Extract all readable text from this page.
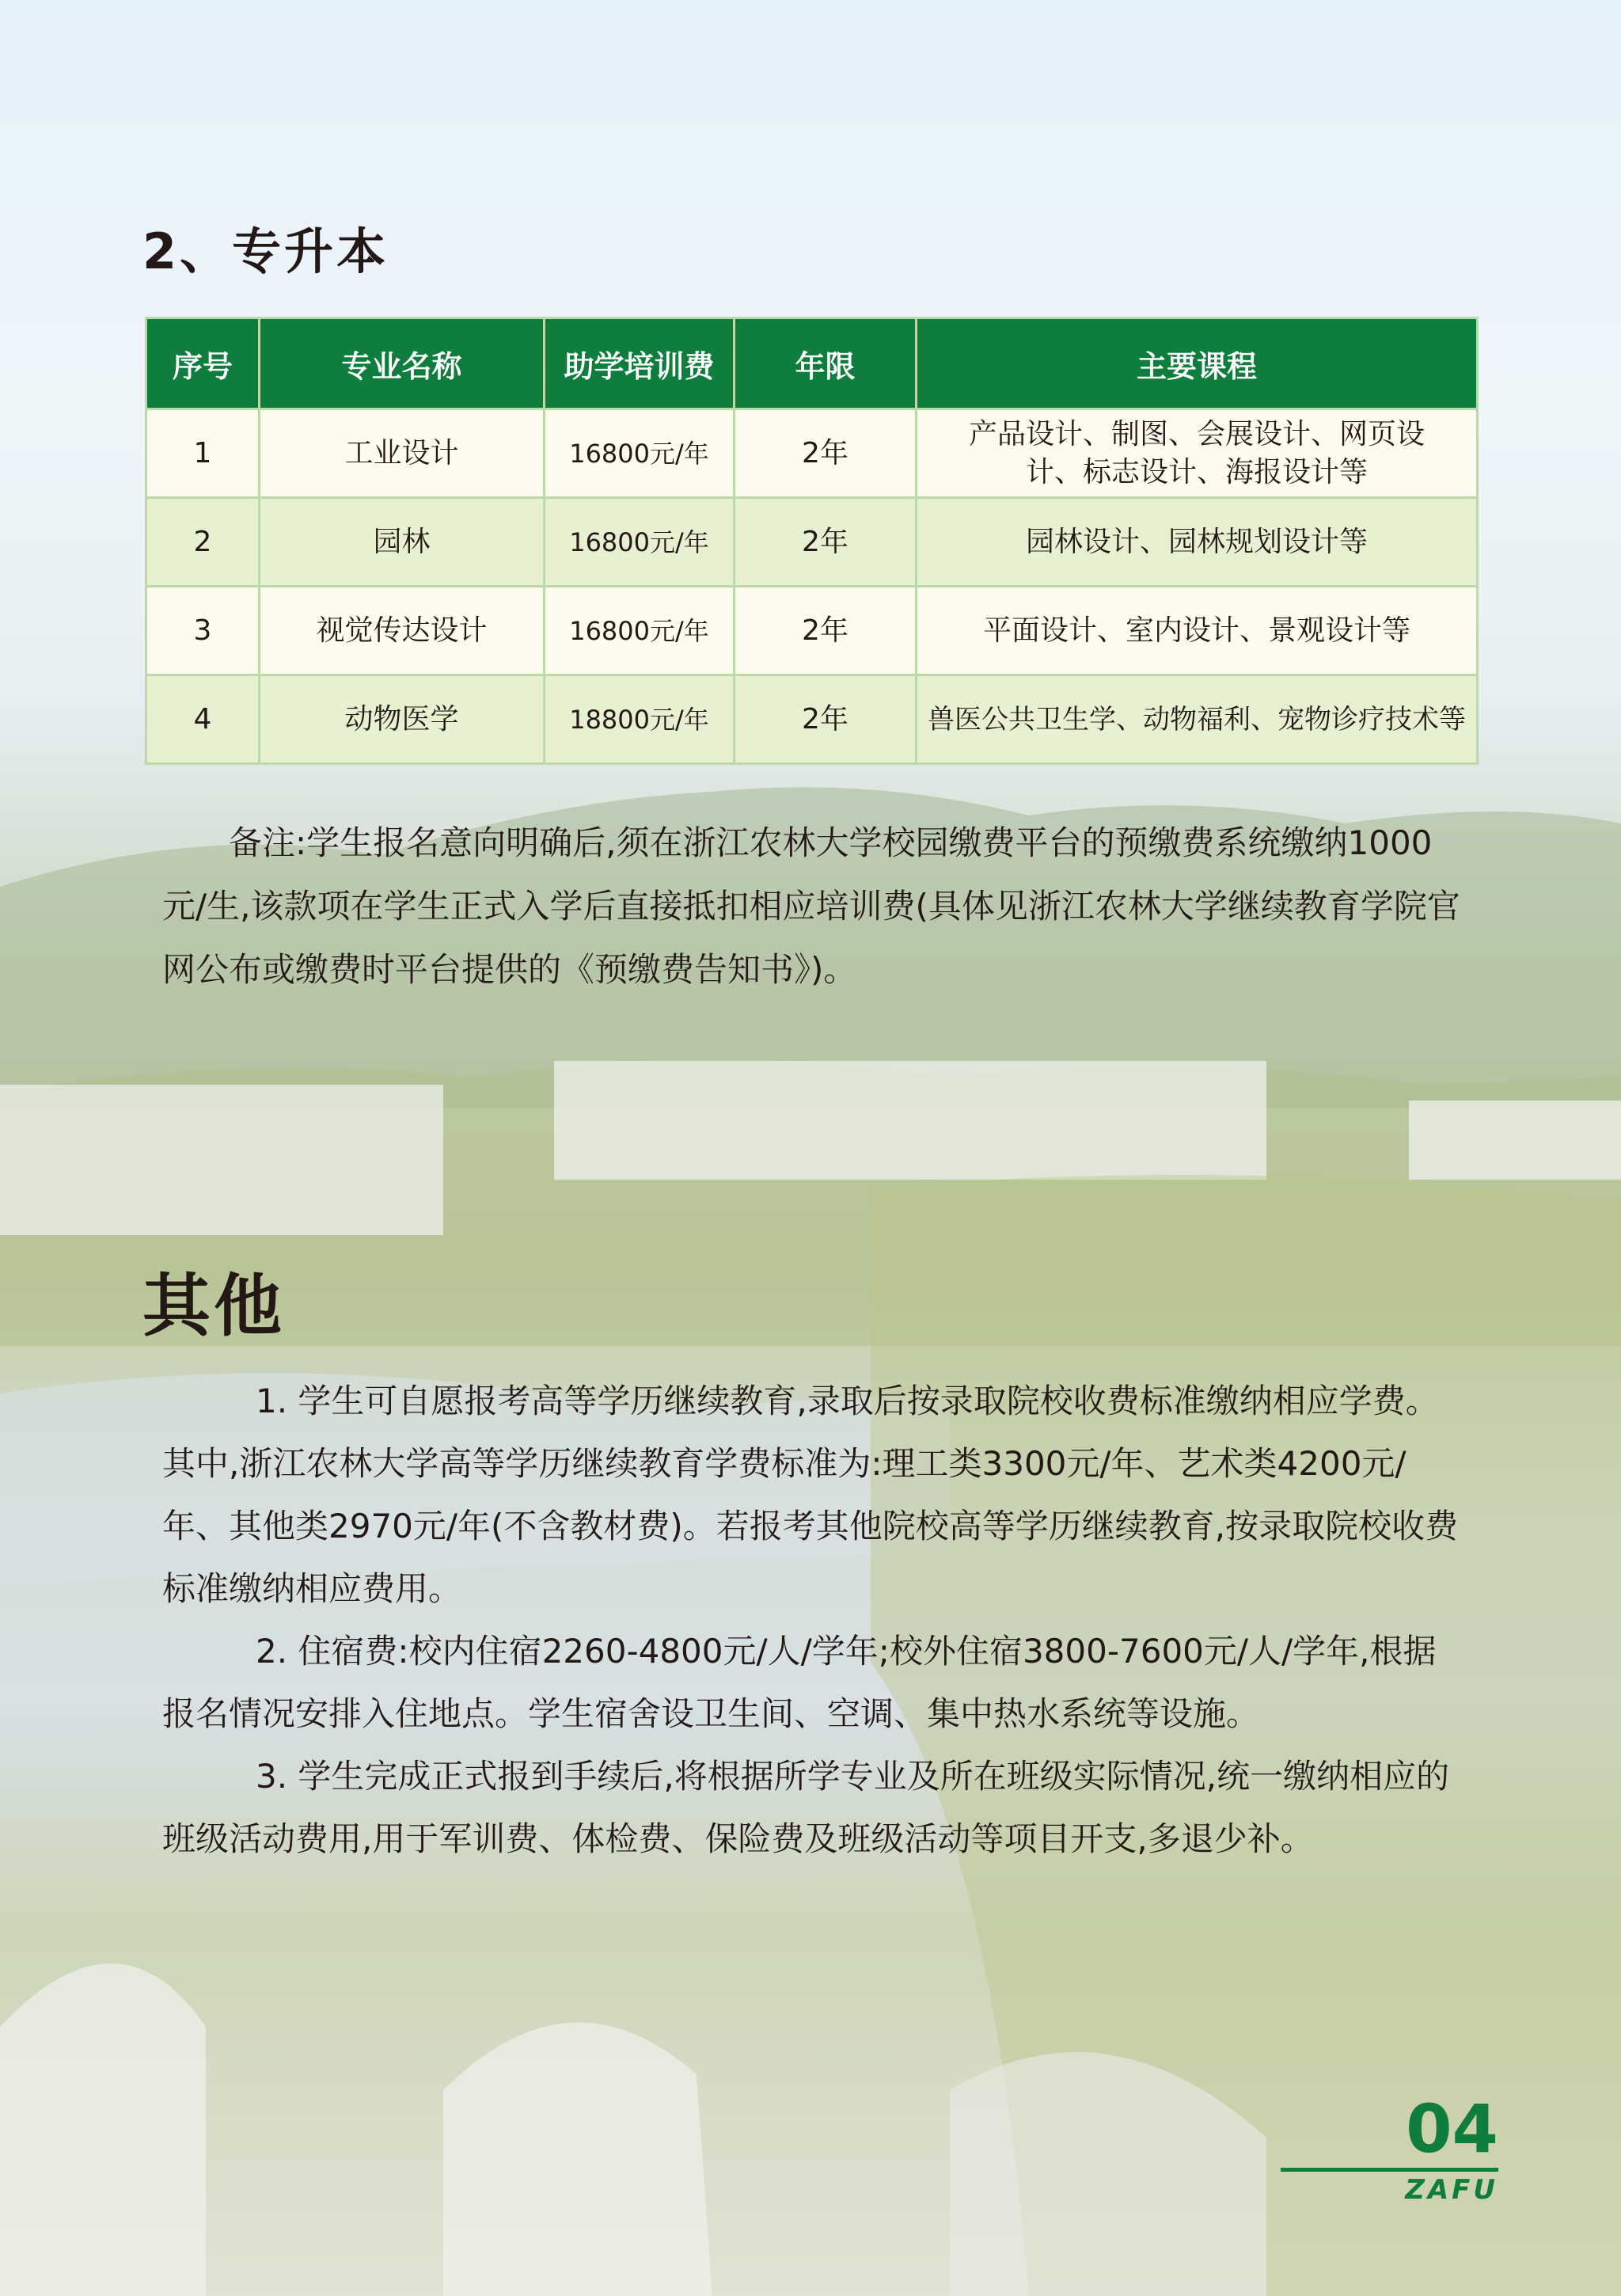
2、专升本
序号	专业名称	助学培训费	年限	主要课程
1	工业设计	16800元/年	2年	产品设计、制图、会展设计、网页设计、标志设计、海报设计等
2	园林	16800元/年	2年	园林设计、园林规划设计等
3	视觉传达设计	16800元/年	2年	平面设计、室内设计、景观设计等
4	动物医学	18800元/年	2年	兽医公共卫生学、动物福利、宠物诊疗技术等

备注:学生报名意向明确后,须在浙江农林大学校园缴费平台的预缴费系统缴纳1000元/生,该款项在学生正式入学后直接抵扣相应培训费(具体见浙江农林大学继续教育学院官网公布或缴费时平台提供的《预缴费告知书》)。

其他

1. 学生可自愿报考高等学历继续教育,录取后按录取院校收费标准缴纳相应学费。其中,浙江农林大学高等学历继续教育学费标准为:理工类3300元/年、艺术类4200元/年、其他类2970元/年(不含教材费)。若报考其他院校高等学历继续教育,按录取院校收费标准缴纳相应费用。

2. 住宿费:校内住宿2260-4800元/人/学年;校外住宿3800-7600元/人/学年,根据报名情况安排入住地点。学生宿舍设卫生间、空调、集中热水系统等设施。

3. 学生完成正式报到手续后,将根据所学专业及所在班级实际情况,统一缴纳相应的班级活动费用,用于军训费、体检费、保险费及班级活动等项目开支,多退少补。

04
ZAFU
